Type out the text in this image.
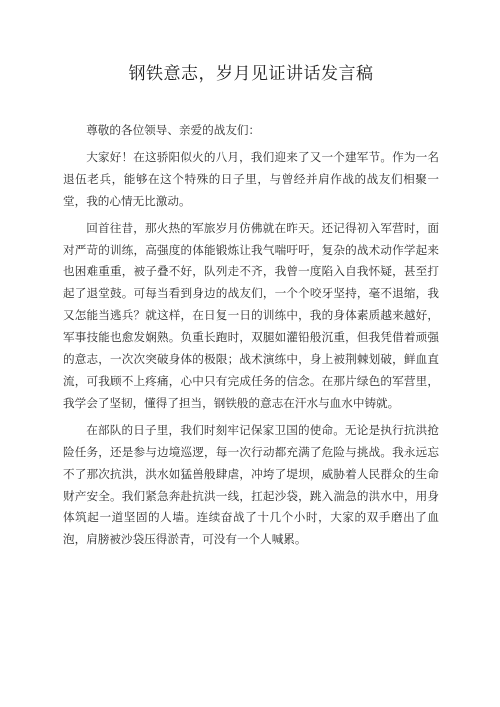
钢铁意志，岁月见证讲话发言稿

尊敬的各位领导、亲爱的战友们：

大家好！在这骄阳似火的八月，我们迎来了又一个建军节。作为一名退伍老兵，能够在这个特殊的日子里，与曾经并肩作战的战友们相聚一堂，我的心情无比激动。

回首往昔，那火热的军旅岁月仿佛就在昨天。还记得初入军营时，面对严苛的训练，高强度的体能锻炼让我气喘吁吁，复杂的战术动作学起来也困难重重，被子叠不好，队列走不齐，我曾一度陷入自我怀疑，甚至打起了退堂鼓。可每当看到身边的战友们，一个个咬牙坚持，毫不退缩，我又怎能当逃兵？就这样，在日复一日的训练中，我的身体素质越来越好，军事技能也愈发娴熟。负重长跑时，双腿如灌铅般沉重，但我凭借着顽强的意志，一次次突破身体的极限；战术演练中，身上被荆棘划破，鲜血直流，可我顾不上疼痛，心中只有完成任务的信念。在那片绿色的军营里，我学会了坚韧，懂得了担当，钢铁般的意志在汗水与血水中铸就。

在部队的日子里，我们时刻牢记保家卫国的使命。无论是执行抗洪抢险任务，还是参与边境巡逻，每一次行动都充满了危险与挑战。我永远忘不了那次抗洪，洪水如猛兽般肆虐，冲垮了堤坝，威胁着人民群众的生命财产安全。我们紧急奔赴抗洪一线，扛起沙袋，跳入湍急的洪水中，用身体筑起一道坚固的人墙。连续奋战了十几个小时，大家的双手磨出了血泡，肩膀被沙袋压得淤青，可没有一个人喊累。
